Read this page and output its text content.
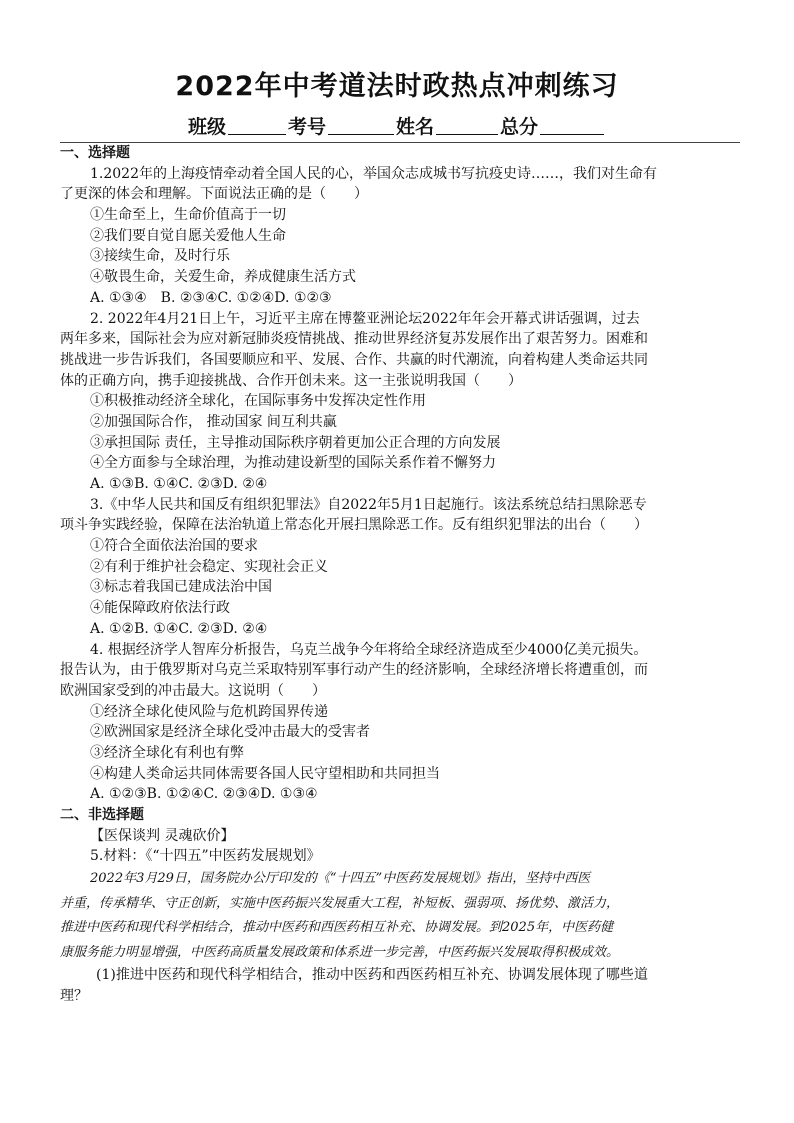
2022年中考道法时政热点冲刺练习
班级	考号	姓名	总分
一、选择题
1.2022年的上海疫情牵动着全国人民的心，举国众志成城书写抗疫史诗……，我们对生命有
了更深的体会和理解。下面说法正确的是（　　）
①生命至上，生命价值高于一切
②我们要自觉自愿关爱他人生命
③接续生命，及时行乐
④敬畏生命，关爱生命，养成健康生活方式
A. ①③④　B. ②③④C. ①②④D. ①②③
2. 2022年4月21日上午，习近平主席在博鳌亚洲论坛2022年年会开幕式讲话强调，过去
两年多来，国际社会为应对新冠肺炎疫情挑战、推动世界经济复苏发展作出了艰苦努力。困难和
挑战进一步告诉我们，各国要顺应和平、发展、合作、共赢的时代潮流，向着构建人类命运共同
体的正确方向，携手迎接挑战、合作开创未来。这一主张说明我国（　　）
①积极推动经济全球化，在国际事务中发挥决定性作用
②加强国际合作， 推动国家 间互利共赢
③承担国际 责任，主导推动国际秩序朝着更加公正合理的方向发展
④全方面参与全球治理，为推动建设新型的国际关系作着不懈努力
A. ①③B. ①④C. ②③D. ②④
3.《中华人民共和国反有组织犯罪法》自2022年5月1日起施行。该法系统总结扫黑除恶专
项斗争实践经验，保障在法治轨道上常态化开展扫黑除恶工作。反有组织犯罪法的出台（　　）
①符合全面依法治国的要求
②有利于维护社会稳定、实现社会正义
③标志着我国已建成法治中国
④能保障政府依法行政
A. ①②B. ①④C. ②③D. ②④
4. 根据经济学人智库分析报告，乌克兰战争今年将给全球经济造成至少4000亿美元损失。
报告认为，由于俄罗斯对乌克兰采取特别军事行动产生的经济影响，全球经济增长将遭重创，而
欧洲国家受到的冲击最大。这说明（　　）
①经济全球化使风险与危机跨国界传递
②欧洲国家是经济全球化受冲击最大的受害者
③经济全球化有利也有弊
④构建人类命运共同体需要各国人民守望相助和共同担当
A. ①②③B. ①②④C. ②③④D. ①③④
二、非选择题
【医保谈判 灵魂砍价】
5.材料：《“十四五”中医药发展规划》
2022年3月29日，国务院办公厅印发的《“十四五”中医药发展规划》指出，坚持中西医
并重，传承精华、守正创新，实施中医药振兴发展重大工程，补短板、强弱项、扬优势、激活力，
推进中医药和现代科学相结合，推动中医药和西医药相互补充、协调发展。到2025年，中医药健
康服务能力明显增强，中医药高质量发展政策和体系进一步完善，中医药振兴发展取得积极成效。
(1)推进中医药和现代科学相结合，推动中医药和西医药相互补充、协调发展体现了哪些道
理？
